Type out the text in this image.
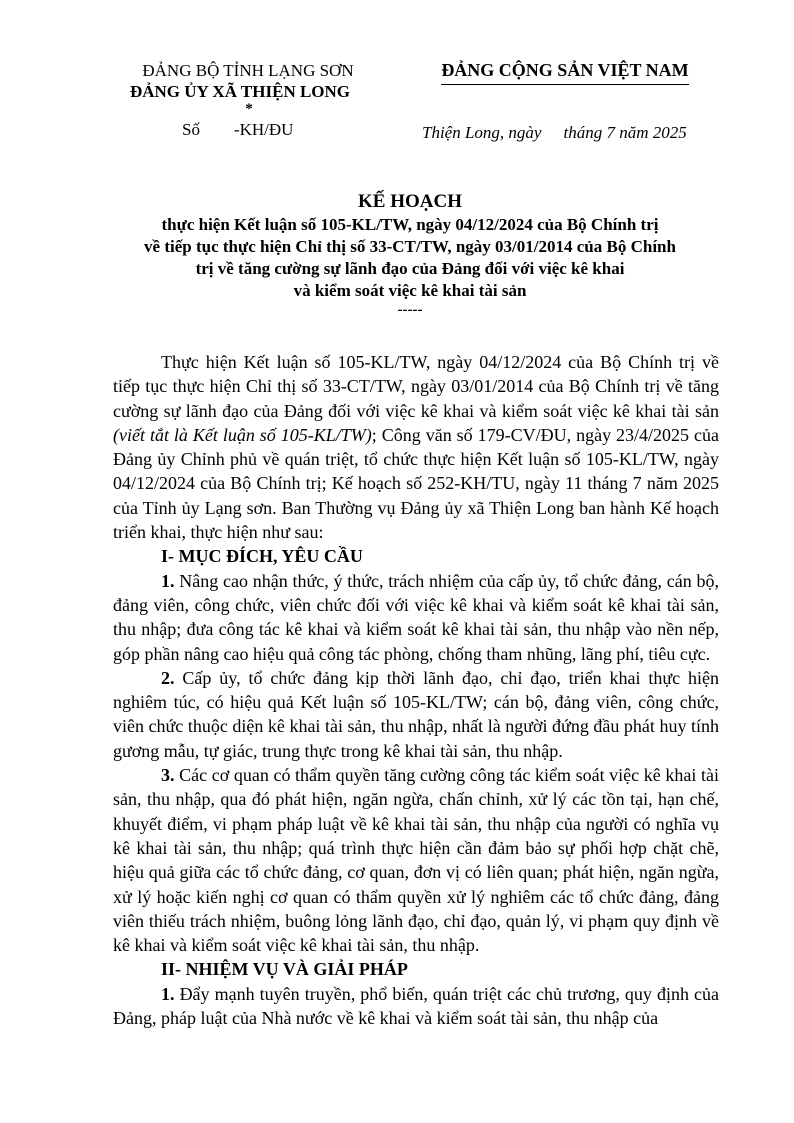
ĐẢNG BỘ TỈNH LẠNG SƠN
ĐẢNG ỦY XÃ THIỆN LONG
*
Số -KH/ĐU
ĐẢNG CỘNG SẢN VIỆT NAM
Thiện Long, ngày tháng 7 năm 2025
KẾ HOẠCH
thực hiện Kết luận số 105-KL/TW, ngày 04/12/2024 của Bộ Chính trị
về tiếp tục thực hiện Chỉ thị số 33-CT/TW, ngày 03/01/2014 của Bộ Chính
trị về tăng cường sự lãnh đạo của Đảng đối với việc kê khai
và kiểm soát việc kê khai tài sản
-----

Thực hiện Kết luận số 105-KL/TW, ngày 04/12/2024 của Bộ Chính trị về tiếp tục thực hiện Chỉ thị số 33-CT/TW, ngày 03/01/2014 của Bộ Chính trị về tăng cường sự lãnh đạo của Đảng đối với việc kê khai và kiểm soát việc kê khai tài sản (viết tắt là Kết luận số 105-KL/TW); Công văn số 179-CV/ĐU, ngày 23/4/2025 của Đảng ủy Chỉnh phủ về quán triệt, tổ chức thực hiện Kết luận số 105-KL/TW, ngày 04/12/2024 của Bộ Chính trị; Kế hoạch số 252-KH/TU, ngày 11 tháng 7 năm 2025 của Tỉnh ủy Lạng sơn. Ban Thường vụ Đảng ủy xã Thiện Long ban hành Kế hoạch triển khai, thực hiện như sau:

I- MỤC ĐÍCH, YÊU CẦU

1. Nâng cao nhận thức, ý thức, trách nhiệm của cấp ủy, tổ chức đảng, cán bộ, đảng viên, công chức, viên chức đối với việc kê khai và kiểm soát kê khai tài sản, thu nhập; đưa công tác kê khai và kiểm soát kê khai tài sản, thu nhập vào nền nếp, góp phần nâng cao hiệu quả công tác phòng, chống tham nhũng, lãng phí, tiêu cực.

2. Cấp ủy, tổ chức đảng kịp thời lãnh đạo, chỉ đạo, triển khai thực hiện nghiêm túc, có hiệu quả Kết luận số 105-KL/TW; cán bộ, đảng viên, công chức, viên chức thuộc diện kê khai tài sản, thu nhập, nhất là người đứng đầu phát huy tính gương mẫu, tự giác, trung thực trong kê khai tài sản, thu nhập.

3. Các cơ quan có thẩm quyền tăng cường công tác kiểm soát việc kê khai tài sản, thu nhập, qua đó phát hiện, ngăn ngừa, chấn chỉnh, xử lý các tồn tại, hạn chế, khuyết điểm, vi phạm pháp luật về kê khai tài sản, thu nhập của người có nghĩa vụ kê khai tài sản, thu nhập; quá trình thực hiện cần đảm bảo sự phối hợp chặt chẽ, hiệu quả giữa các tổ chức đảng, cơ quan, đơn vị có liên quan; phát hiện, ngăn ngừa, xử lý hoặc kiến nghị cơ quan có thẩm quyền xử lý nghiêm các tổ chức đảng, đảng viên thiếu trách nhiệm, buông lỏng lãnh đạo, chỉ đạo, quản lý, vi phạm quy định về kê khai và kiểm soát việc kê khai tài sản, thu nhập.

II- NHIỆM VỤ VÀ GIẢI PHÁP

1. Đẩy mạnh tuyên truyền, phổ biến, quán triệt các chủ trương, quy định của Đảng, pháp luật của Nhà nước về kê khai và kiểm soát tài sản, thu nhập của
